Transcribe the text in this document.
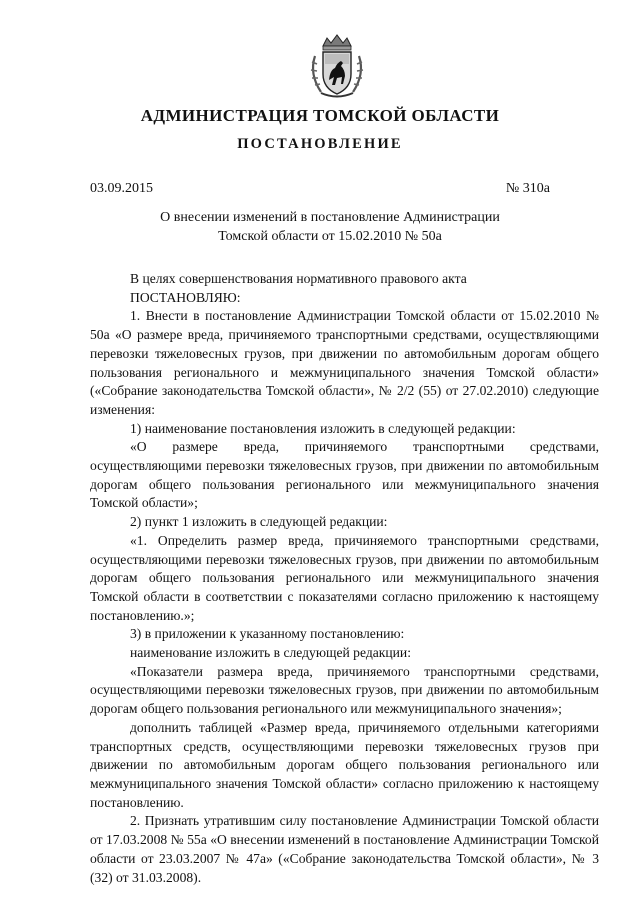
АДМИНИСТРАЦИЯ ТОМСКОЙ ОБЛАСТИ
ПОСТАНОВЛЕНИЕ
03.09.2015	№ 310а
О внесении изменений в постановление Администрации
Томской области от 15.02.2010 № 50а

В целях совершенствования нормативного правового акта

ПОСТАНОВЛЯЮ:

1. Внести в постановление Администрации Томской области от 15.02.2010 № 50а «О размере вреда, причиняемого транспортными средствами, осуществляющими перевозки тяжеловесных грузов, при движении по автомобильным дорогам общего пользования регионального и межмуниципального значения Томской области» («Собрание законодательства Томской области», № 2/2 (55) от 27.02.2010) следующие изменения:

1) наименование постановления изложить в следующей редакции:

«О размере вреда, причиняемого транспортными средствами, осуществляющими перевозки тяжеловесных грузов, при движении по автомобильным дорогам общего пользования регионального или межмуниципального значения Томской области»;

2) пункт 1 изложить в следующей редакции:

«1. Определить размер вреда, причиняемого транспортными средствами, осуществляющими перевозки тяжеловесных грузов, при движении по автомобильным дорогам общего пользования регионального или межмуниципального значения Томской области в соответствии с показателями согласно приложению к настоящему постановлению.»;

3) в приложении к указанному постановлению:

наименование изложить в следующей редакции:

«Показатели размера вреда, причиняемого транспортными средствами, осуществляющими перевозки тяжеловесных грузов, при движении по автомобильным дорогам общего пользования регионального или межмуниципального значения»;

дополнить таблицей «Размер вреда, причиняемого отдельными категориями транспортных средств, осуществляющими перевозки тяжеловесных грузов при движении по автомобильным дорогам общего пользования регионального или межмуниципального значения Томской области» согласно приложению к настоящему постановлению.

2. Признать утратившим силу постановление Администрации Томской области от 17.03.2008 № 55а «О внесении изменений в постановление Администрации Томской области от 23.03.2007 № 47а» («Собрание законодательства Томской области», № 3 (32) от 31.03.2008).
